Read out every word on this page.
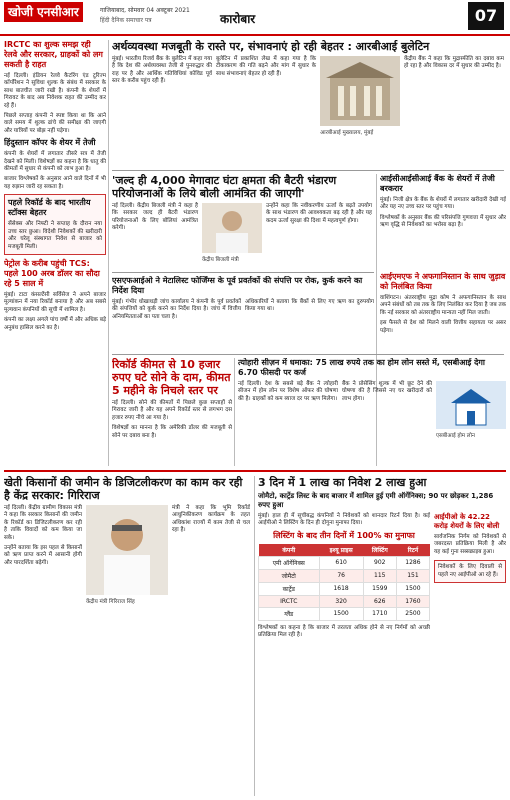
खोजी एनसीआर	गाजियाबाद, सोमवार 04 अक्टूबर 2021
हिंदी दैनिक समाचार पत्र	कारोबार	07
IRCTC का शुल्क समझ रही रेलवे और सरकार, ग्राहकों को लग सकती है राहत

नई दिल्ली। इंडियन रेलवे कैटरिंग एंड टूरिज्म कॉर्पोरेशन ने सुविधा शुल्क के संबंध में सरकार के साथ बातचीत जारी रखी है। कंपनी के शेयरों में गिरावट के बाद अब निवेशक राहत की उम्मीद कर रहे हैं।

पिछले सप्ताह कंपनी ने स्पष्ट किया था कि आने वाले समय में शुल्क ढांचे की समीक्षा की जाएगी और यात्रियों पर बोझ नहीं पड़ेगा।

हिंदुस्तान कॉपर के शेयर में तेजी

कंपनी के शेयरों में लगातार तीसरे सत्र में तेजी देखने को मिली। विशेषज्ञों का कहना है कि धातु की कीमतों में सुधार से कंपनी को लाभ हुआ है।

बाजार विश्लेषकों के अनुसार आने वाले दिनों में भी यह रुझान जारी रह सकता है।

पहले रिकॉर्ड के बाद भारतीय स्टॉक्स बेहतर
सेंसेक्स और निफ्टी ने सप्ताह के दौरान नया उच्च स्तर छुआ। विदेशी निवेशकों की खरीदारी और घरेलू संस्थागत निवेश से बाजार को मजबूती मिली।
पेट्रोल के करीब पहुंची TCS: पहले 100 अरब डॉलर का सौदा रहे 5 साल में

मुंबई। टाटा कंसल्टेंसी सर्विसेज ने अपने बाजार मूल्यांकन में नया रिकॉर्ड बनाया है और अब सबसे मूल्यवान कंपनियों की सूची में शामिल है।

कंपनी का लक्ष्य अगले पांच वर्षों में और अधिक बड़े अनुबंध हासिल करने का है।

अर्थव्यवस्था मजबूती के रास्ते पर, संभावनाएं हो रही बेहतर : आरबीआई बुलेटिन

मुंबई। भारतीय रिजर्व बैंक के बुलेटिन में कहा गया है कि देश की अर्थव्यवस्था तेजी से पुनरुद्धार की राह पर है और आर्थिक गतिविधियां कोविड पूर्व स्तर के करीब पहुंच रही हैं।

बुलेटिन में प्रकाशित लेख में कहा गया है कि टीकाकरण की गति बढ़ने और मांग में सुधार के साथ संभावनाएं बेहतर हो रही हैं।

आरबीआई मुख्यालय, मुंबई

केंद्रीय बैंक ने कहा कि मुद्रास्फीति का दबाव कम हो रहा है और विकास दर में सुधार की उम्मीद है।

'जल्द ही 4,000 मेगावाट घंटा क्षमता की बैटरी भंडारण परियोजनाओं के लिये बोली आमंत्रित की जाएगी'

नई दिल्ली। केंद्रीय बिजली मंत्री ने कहा है कि सरकार जल्द ही बैटरी भंडारण परियोजनाओं के लिए बोलियां आमंत्रित करेगी।

केंद्रीय बिजली मंत्री

उन्होंने कहा कि नवीकरणीय ऊर्जा के बढ़ते उपयोग के साथ भंडारण की आवश्यकता बढ़ रही है और यह कदम ऊर्जा सुरक्षा की दिशा में महत्वपूर्ण होगा।

आईसीआईसीआई बैंक के शेयरों में तेजी बरकरार

मुंबई। निजी क्षेत्र के बैंक के शेयरों में लगातार खरीदारी देखी गई और यह नए उच्च स्तर पर पहुंच गया।

विश्लेषकों के अनुसार बैंक की परिसंपत्ति गुणवत्ता में सुधार और ऋण वृद्धि से निवेशकों का भरोसा बढ़ा है।

आईएमएफ ने अफगानिस्तान के साथ जुड़ाव को निलंबित किया

वाशिंगटन। अंतरराष्ट्रीय मुद्रा कोष ने अफगानिस्तान के साथ अपने संबंधों को तब तक के लिए निलंबित कर दिया है जब तक कि नई सरकार को अंतरराष्ट्रीय मान्यता नहीं मिल जाती।

इस फैसले से देश को मिलने वाली वित्तीय सहायता पर असर पड़ेगा।

एसएफआईओ ने मेटालिस्ट फोर्जिंग्स के पूर्व प्रवर्तकों की संपत्ति पर रोक, कुर्क करने का निर्देश दिया

मुंबई। गंभीर धोखाधड़ी जांच कार्यालय ने कंपनी के पूर्व प्रवर्तकों की संपत्तियों को कुर्क करने का निर्देश दिया है। जांच में वित्तीय अनियमितताओं का पता चला है।

अधिकारियों ने बताया कि बैंकों से लिए गए ऋण का दुरुपयोग किया गया था।

रिकॉर्ड कीमत से 10 हजार रुपए घटे सोने के दाम, कीमत 5 महीने के निचले स्तर पर

नई दिल्ली। सोने की कीमतों में पिछले कुछ सप्ताहों से गिरावट जारी है और यह अपने रिकॉर्ड स्तर से लगभग दस हजार रुपए नीचे आ गया है।

विशेषज्ञों का मानना है कि अमेरिकी डॉलर की मजबूती से सोने पर दबाव बना है।

त्योहारी सीज़न में धमाका: 75 लाख रुपये तक का होम लोन सस्ते में, एसबीआई देगा 6.70 फीसदी पर कर्ज

नई दिल्ली। देश के सबसे बड़े बैंक ने त्योहारी सीजन में होम लोन पर विशेष ऑफर की घोषणा की है। ग्राहकों को कम ब्याज दर पर ऋण मिलेगा।

बैंक ने प्रोसेसिंग शुल्क में भी छूट देने की घोषणा की है जिससे नए घर खरीदारों को लाभ होगा।

एसबीआई होम लोन
खेती किसानों की जमीन के डिजिटलीकरण का काम कर रही है केंद्र सरकार: गिरिराज

नई दिल्ली। केंद्रीय ग्रामीण विकास मंत्री ने कहा कि सरकार किसानों की जमीन के रिकॉर्ड का डिजिटलीकरण कर रही है ताकि विवादों को कम किया जा सके।

उन्होंने बताया कि इस पहल से किसानों को ऋण प्राप्त करने में आसानी होगी और पारदर्शिता बढ़ेगी।

केंद्रीय मंत्री गिरिराज सिंह

मंत्री ने कहा कि भूमि रिकॉर्ड आधुनिकीकरण कार्यक्रम के तहत अधिकांश राज्यों में काम तेजी से चल रहा है।

3 दिन में 1 लाख का निवेश 2 लाख हुआ
जोमैटो, कार्ट्रेड लिस्ट के बाद बाजार में शामिल हुई एमी ऑर्गेनिक्स; 90 पर छोड़कर 1,286 रुपए हुआ

मुंबई। हाल ही में सूचीबद्ध कंपनियों ने निवेशकों को शानदार रिटर्न दिया है। कई आईपीओ ने लिस्टिंग के दिन ही दोगुना मुनाफा दिया।

लिस्टिंग के बाद तीन दिनों में 100% का मुनाफा
कंपनी	इश्यू प्राइस	लिस्टिंग	रिटर्न
एमी ऑर्गेनिक्स	610	902	1286
जोमैटो	76	115	151
कार्ट्रेड	1618	1599	1500
IRCTC	320	626	1760
ग्लैंड	1500	1710	2500

विश्लेषकों का कहना है कि बाजार में तरलता अधिक होने से नए निर्गमों को अच्छी प्रतिक्रिया मिल रही है।

आईपीओ के 42.22 करोड़ शेयरों के लिए बोली
सार्वजनिक निर्गम को निवेशकों से जबरदस्त प्रतिक्रिया मिली है और यह कई गुना सब्सक्राइब हुआ।
निवेशकों के लिए दिवाली से पहले नए आईपीओ आ रहे हैं।
